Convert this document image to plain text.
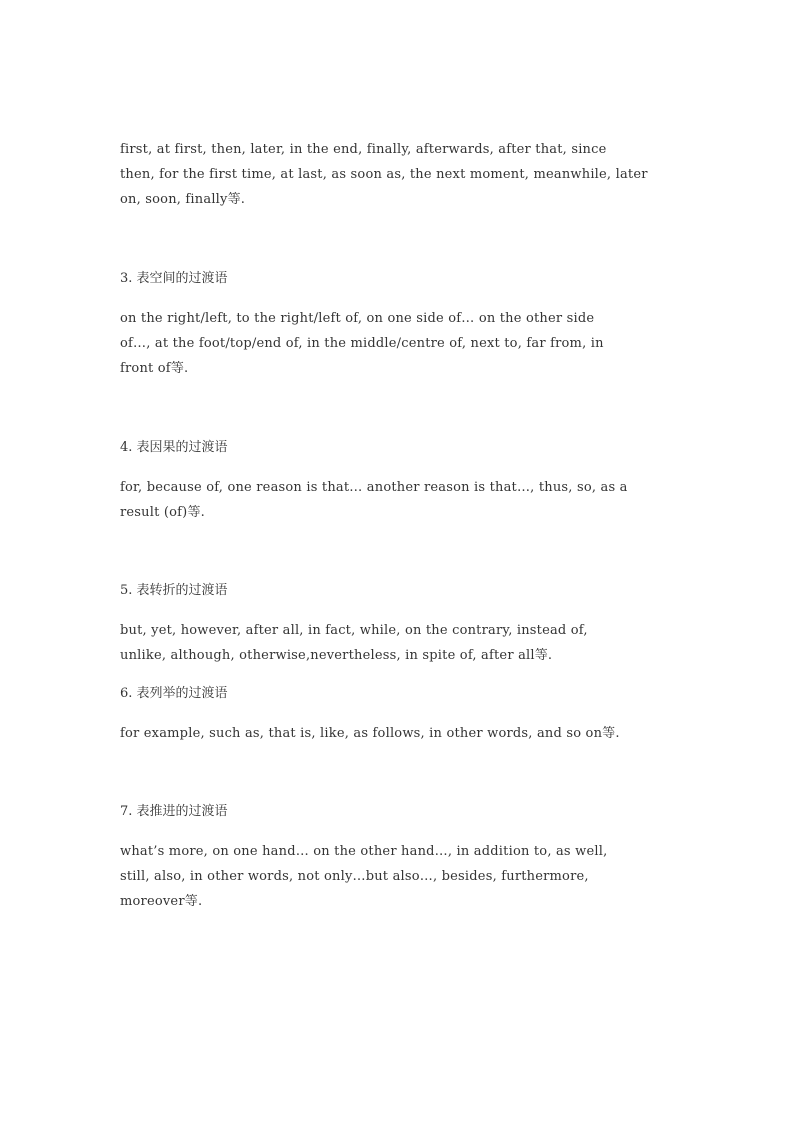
first, at first, then, later, in the end, finally, afterwards, after that, since
then, for the first time, at last, as soon as, the next moment, meanwhile, later
on, soon, finally等.
3. 表空间的过渡语
on the right/left, to the right/left of, on one side of… on the other side
of…, at the foot/top/end of, in the middle/centre of, next to, far from, in
front of等.
4. 表因果的过渡语
for, because of, one reason is that… another reason is that…, thus, so, as a
result (of)等.
5. 表转折的过渡语
but, yet, however, after all, in fact, while, on the contrary, instead of,
unlike, although, otherwise,nevertheless, in spite of, after all等.
6. 表列举的过渡语
for example, such as, that is, like, as follows, in other words, and so on等.
7. 表推进的过渡语
what’s more, on one hand… on the other hand…, in addition to, as well,
still, also, in other words, not only…but also…, besides, furthermore,
moreover等.
